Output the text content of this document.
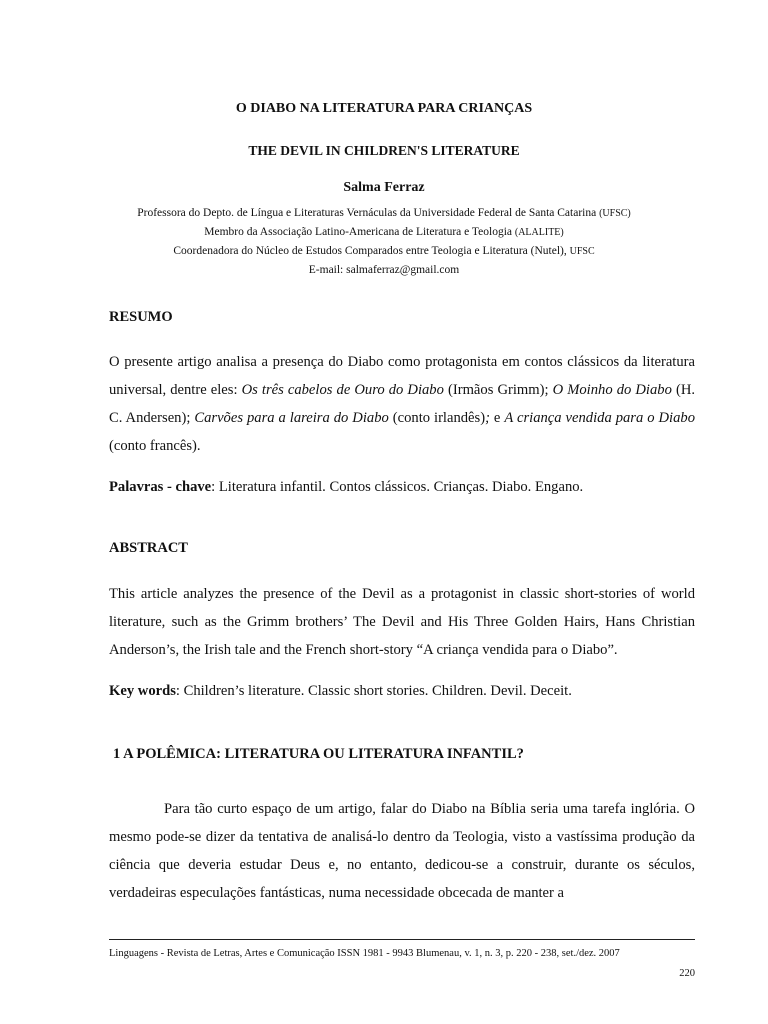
O DIABO NA LITERATURA PARA CRIANÇAS
THE DEVIL IN CHILDREN'S LITERATURE
Salma Ferraz
Professora do Depto. de Língua e Literaturas Vernáculas da Universidade Federal de Santa Catarina (UFSC)
Membro da Associação Latino-Americana de Literatura e Teologia (ALALITE)
Coordenadora do Núcleo de Estudos Comparados entre Teologia e Literatura (Nutel), UFSC
E-mail: salmaferraz@gmail.com
RESUMO
O presente artigo analisa a presença do Diabo como protagonista em contos clássicos da literatura universal, dentre eles: Os três cabelos de Ouro do Diabo (Irmãos Grimm); O Moinho do Diabo (H. C. Andersen); Carvões para a lareira do Diabo (conto irlandês); e A criança vendida para o Diabo (conto francês).
Palavras - chave: Literatura infantil. Contos clássicos. Crianças. Diabo. Engano.
ABSTRACT
This article analyzes the presence of the Devil as a protagonist in classic short-stories of world literature, such as the Grimm brothers’ The Devil and His Three Golden Hairs, Hans Christian Anderson’s, the Irish tale and the French short-story “A criança vendida para o Diabo”.
Key words: Children’s literature. Classic short stories. Children. Devil. Deceit.
1 A POLÊMICA: LITERATURA OU LITERATURA INFANTIL?
Para tão curto espaço de um artigo, falar do Diabo na Bíblia seria uma tarefa inglória. O mesmo pode-se dizer da tentativa de analisá-lo dentro da Teologia, visto a vastíssima produção da ciência que deveria estudar Deus e, no entanto, dedicou-se a construir, durante os séculos, verdadeiras especulações fantásticas, numa necessidade obcecada de manter a
Linguagens - Revista de Letras, Artes e Comunicação ISSN 1981 - 9943 Blumenau, v. 1, n. 3, p. 220 - 238, set./dez. 2007
220
